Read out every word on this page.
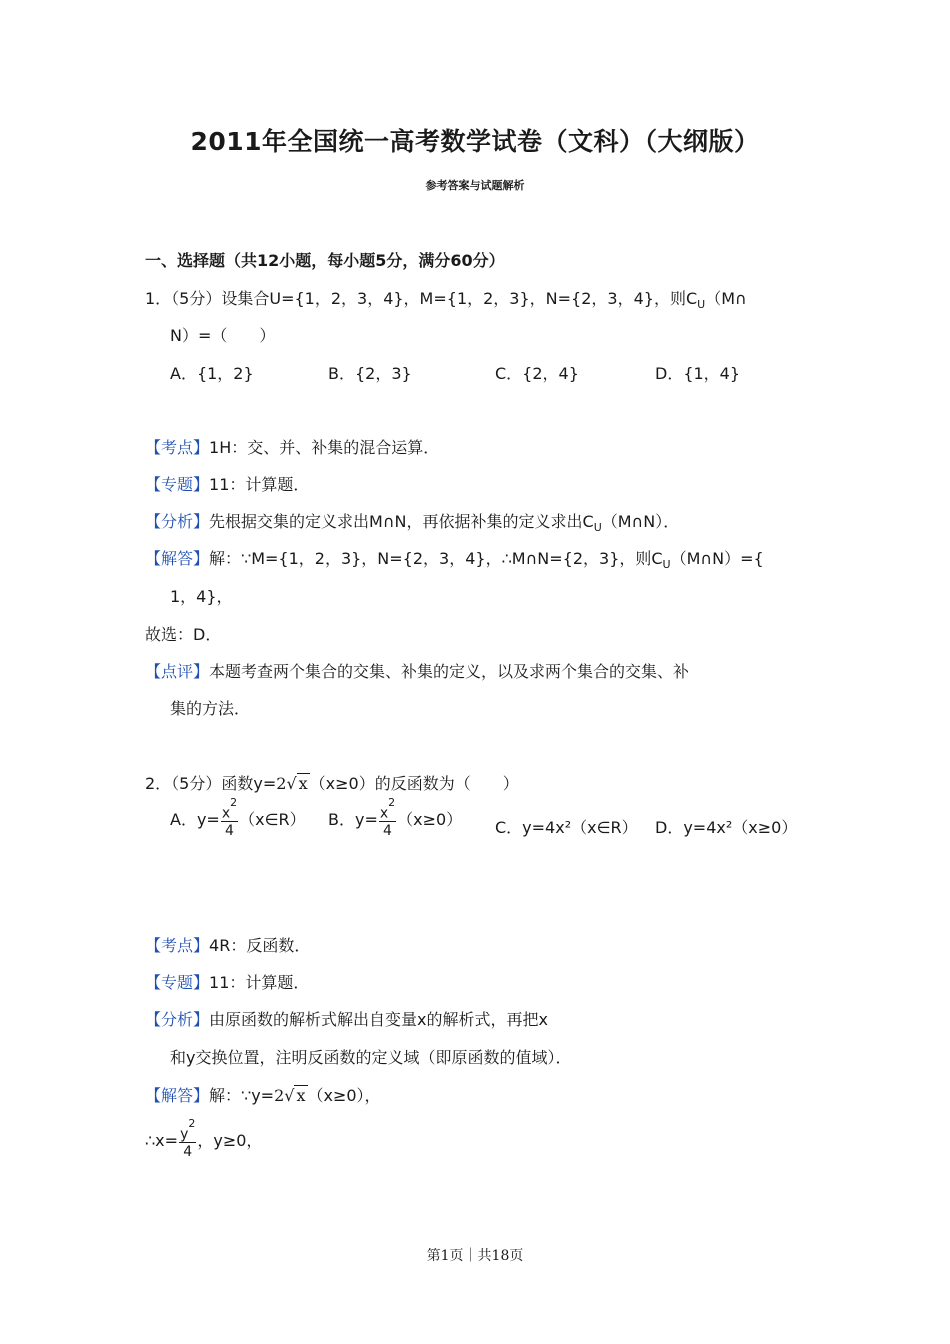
2011年全国统一高考数学试卷（文科）（大纲版）
参考答案与试题解析
一、选择题（共12小题，每小题5分，满分60分）
1．（5分）设集合U={1，2，3，4}，M={1，2，3}，N={2，3，4}，则$C_U(M\cap$
N）=（　　）
A．{1，2}	B．{2，3}	C．{2，4}	D．{1，4}
【考点】1H：交、并、补集的混合运算．
【专题】11：计算题．
【分析】先根据交集的定义求出M∩N，再依据补集的定义求出$C_U(M\cap N)$．
【解答】解：∵M={1，2，3}，N={2，3，4}，∴M∩N={2，3}，则$C_U(M\cap N)=${
1，4}，
故选：D．
【点评】本题考查两个集合的交集、补集的定义，以及求两个集合的交集、补
集的方法．
2．（5分）函数y=2√ x （x≥0）的反函数为（　　）
A．$y= \frac{x^2}{4}$ （x∈R） B．$y= \frac{x^2}{4} (x\ge 0)$ C．y=4x²（x∈R） D．y=4x²（x≥0）
【考点】4R：反函数．
【专题】11：计算题．
【分析】由原函数的解析式解出自变量x的解析式，再把x
和y交换位置，注明反函数的定义域（即原函数的值域）．
【解答】解：∵y=2√ x （x≥0），
∴x= $\frac{y^2}{4}$ ，y≥0，
第1页｜共18页
